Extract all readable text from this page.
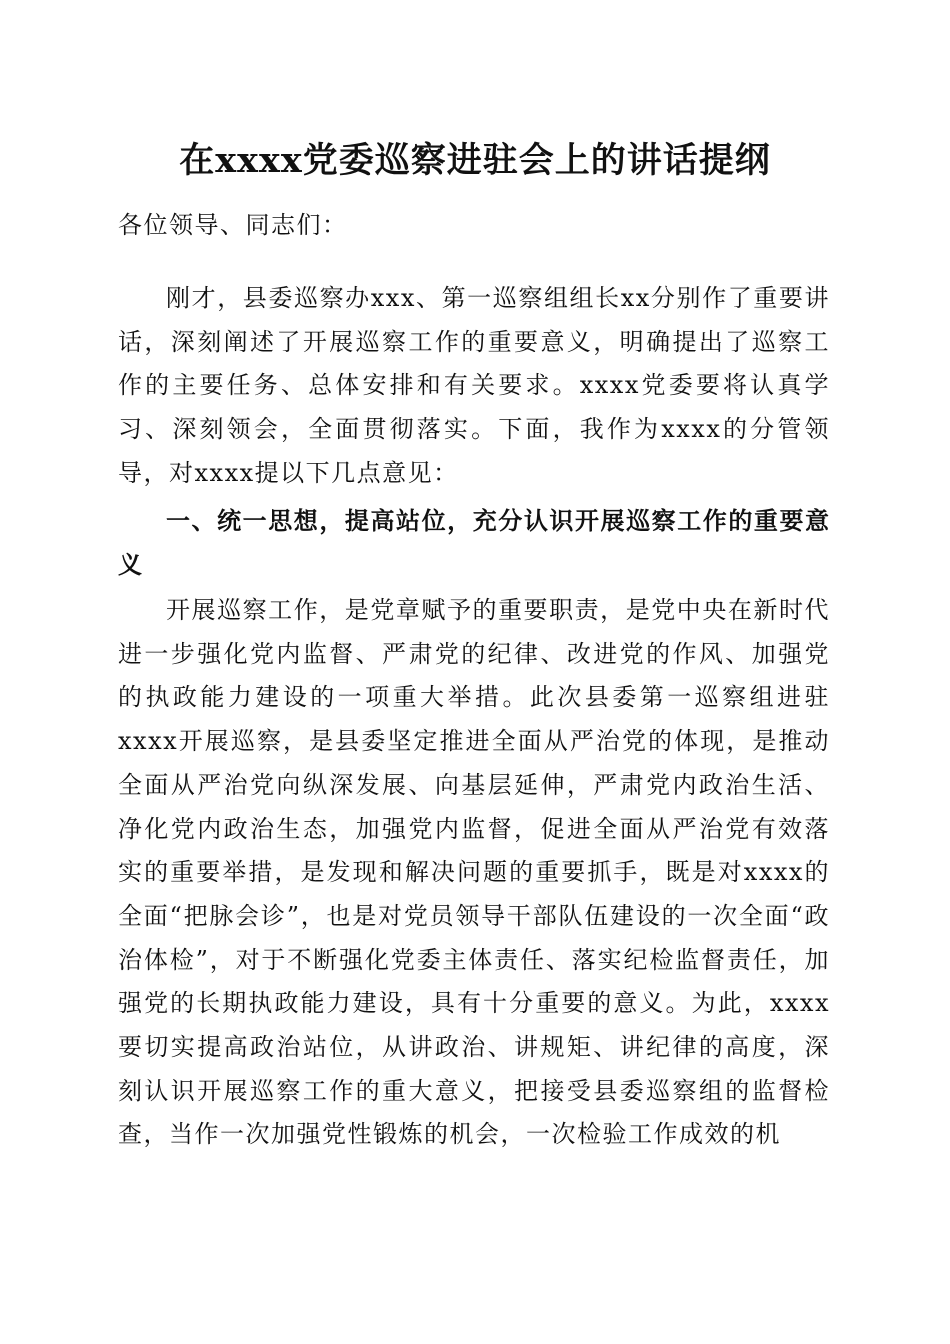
在xxxx党委巡察进驻会上的讲话提纲

各位领导、同志们：

刚才，县委巡察办xxx、第一巡察组组长xx分别作了重要讲话，深刻阐述了开展巡察工作的重要意义，明确提出了巡察工作的主要任务、总体安排和有关要求。xxxx党委要将认真学习、深刻领会，全面贯彻落实。下面，我作为xxxx的分管领导，对xxxx提以下几点意见：

一、统一思想，提高站位，充分认识开展巡察工作的重要意义

开展巡察工作，是党章赋予的重要职责，是党中央在新时代进一步强化党内监督、严肃党的纪律、改进党的作风、加强党的执政能力建设的一项重大举措。此次县委第一巡察组进驻xxxx开展巡察，是县委坚定推进全面从严治党的体现，是推动全面从严治党向纵深发展、向基层延伸，严肃党内政治生活、净化党内政治生态，加强党内监督，促进全面从严治党有效落实的重要举措，是发现和解决问题的重要抓手，既是对xxxx的全面“把脉会诊”，也是对党员领导干部队伍建设的一次全面“政治体检”，对于不断强化党委主体责任、落实纪检监督责任，加强党的长期执政能力建设，具有十分重要的意义。为此，xxxx要切实提高政治站位，从讲政治、讲规矩、讲纪律的高度，深刻认识开展巡察工作的重大意义，把接受县委巡察组的监督检查，当作一次加强党性锻炼的机会，一次检验工作成效的机
